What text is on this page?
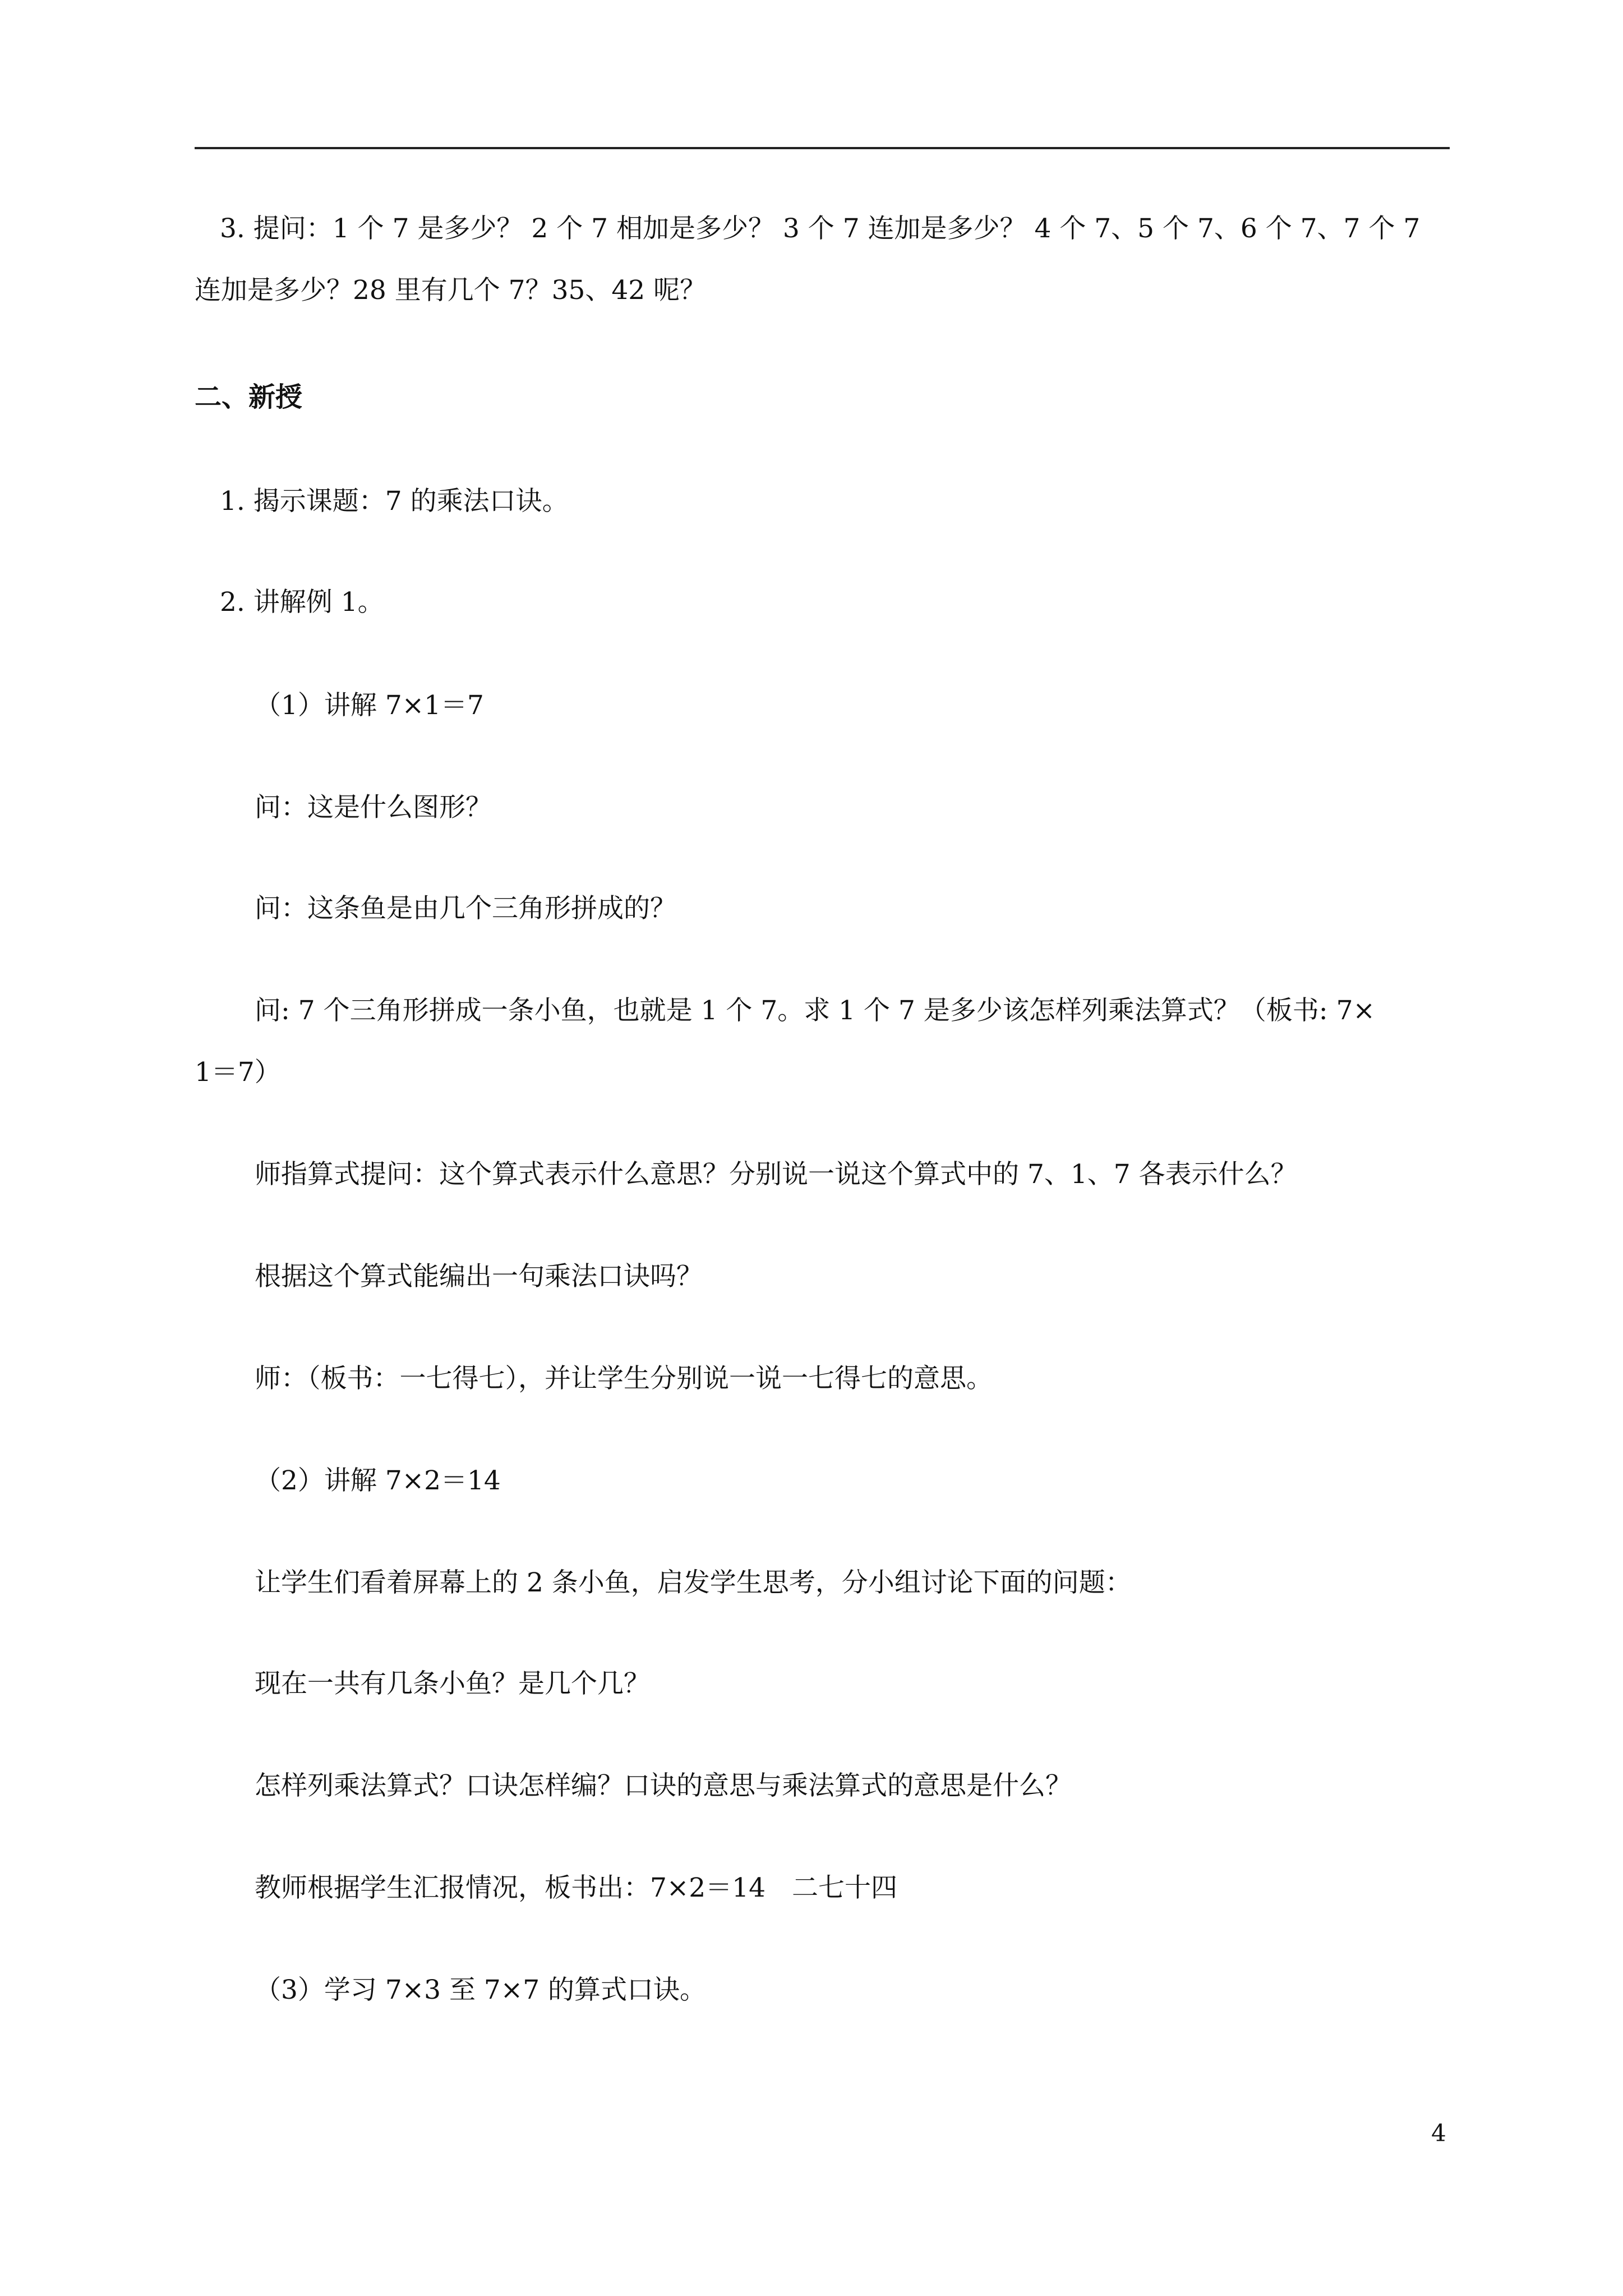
3. 提问：1 个 7 是多少？ 2 个 7 相加是多少？ 3 个 7 连加是多少？ 4 个 7、5 个 7、6 个 7、7 个 7
连加是多少？28 里有几个 7？35、42 呢？
二、新授
1. 揭示课题：7 的乘法口诀。
2. 讲解例 1。
（1）讲解 7×1＝7
问：这是什么图形？
问：这条鱼是由几个三角形拼成的？
问: 7 个三角形拼成一条小鱼，也就是 1 个 7。求 1 个 7 是多少该怎样列乘法算式？（板书: 7×
1＝7）
师指算式提问：这个算式表示什么意思？分别说一说这个算式中的 7、1、7 各表示什么？
根据这个算式能编出一句乘法口诀吗？
师：（板书：一七得七），并让学生分别说一说一七得七的意思。
（2）讲解 7×2＝14
让学生们看着屏幕上的 2 条小鱼，启发学生思考，分小组讨论下面的问题：
现在一共有几条小鱼？是几个几？
怎样列乘法算式？口诀怎样编？口诀的意思与乘法算式的意思是什么？
教师根据学生汇报情况，板书出：7×2＝14　二七十四
（3）学习 7×3 至 7×7 的算式口诀。
4
